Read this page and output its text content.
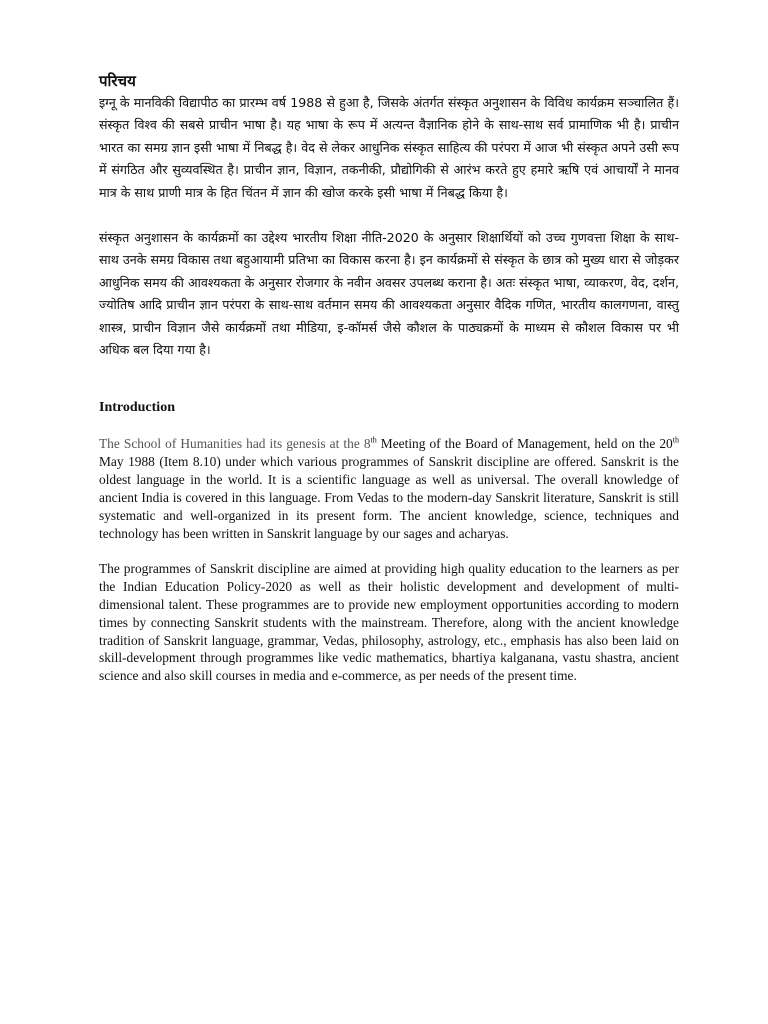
परिचय

इग्नू के मानविकी विद्यापीठ का प्रारम्भ वर्ष 1988 से हुआ है, जिसके अंतर्गत संस्कृत अनुशासन के विविध कार्यक्रम सञ्चालित हैं। संस्कृत विश्व की सबसे प्राचीन भाषा है। यह भाषा के रूप में अत्यन्त वैज्ञानिक होने के साथ-साथ सर्व प्रामाणिक भी है। प्राचीन भारत का समग्र ज्ञान इसी भाषा में निबद्ध है। वेद से लेकर आधुनिक संस्कृत साहित्य की परंपरा में आज भी संस्कृत अपने उसी रूप में संगठित और सुव्यवस्थित है। प्राचीन ज्ञान, विज्ञान, तकनीकी, प्रौद्योगिकी से आरंभ करते हुए हमारे ऋषि एवं आचार्यों ने मानव मात्र के साथ प्राणी मात्र के हित चिंतन में ज्ञान की खोज करके इसी भाषा में निबद्ध किया है।

संस्कृत अनुशासन के कार्यक्रमों का उद्देश्य भारतीय शिक्षा नीति-2020 के अनुसार शिक्षार्थियों को उच्च गुणवत्ता शिक्षा के साथ-साथ उनके समग्र विकास तथा बहुआयामी प्रतिभा का विकास करना है। इन कार्यक्रमों से संस्कृत के छात्र को मुख्य धारा से जोड़कर आधुनिक समय की आवश्यकता के अनुसार रोजगार के नवीन अवसर उपलब्ध कराना है। अतः संस्कृत भाषा, व्याकरण, वेद, दर्शन, ज्योतिष आदि प्राचीन ज्ञान परंपरा के साथ-साथ वर्तमान समय की आवश्यकता अनुसार वैदिक गणित, भारतीय कालगणना, वास्तु शास्त्र, प्राचीन विज्ञान जैसे कार्यक्रमों तथा मीडिया, इ-कॉमर्स जैसे कौशल के पाठ्यक्रमों के माध्यम से कौशल विकास पर भी अधिक बल दिया गया है।

Introduction

The School of Humanities had its genesis at the 8th Meeting of the Board of Management, held on the 20th May 1988 (Item 8.10) under which various programmes of Sanskrit discipline are offered. Sanskrit is the oldest language in the world. It is a scientific language as well as universal. The overall knowledge of ancient India is covered in this language. From Vedas to the modern-day Sanskrit literature, Sanskrit is still systematic and well-organized in its present form. The ancient knowledge, science, techniques and technology has been written in Sanskrit language by our sages and acharyas.

The programmes of Sanskrit discipline are aimed at providing high quality education to the learners as per the Indian Education Policy-2020 as well as their holistic development and development of multi-dimensional talent. These programmes are to provide new employment opportunities according to modern times by connecting Sanskrit students with the mainstream. Therefore, along with the ancient knowledge tradition of Sanskrit language, grammar, Vedas, philosophy, astrology, etc., emphasis has also been laid on skill-development through programmes like vedic mathematics, bhartiya kalganana, vastu shastra, ancient science and also skill courses in media and e-commerce, as per needs of the present time.
